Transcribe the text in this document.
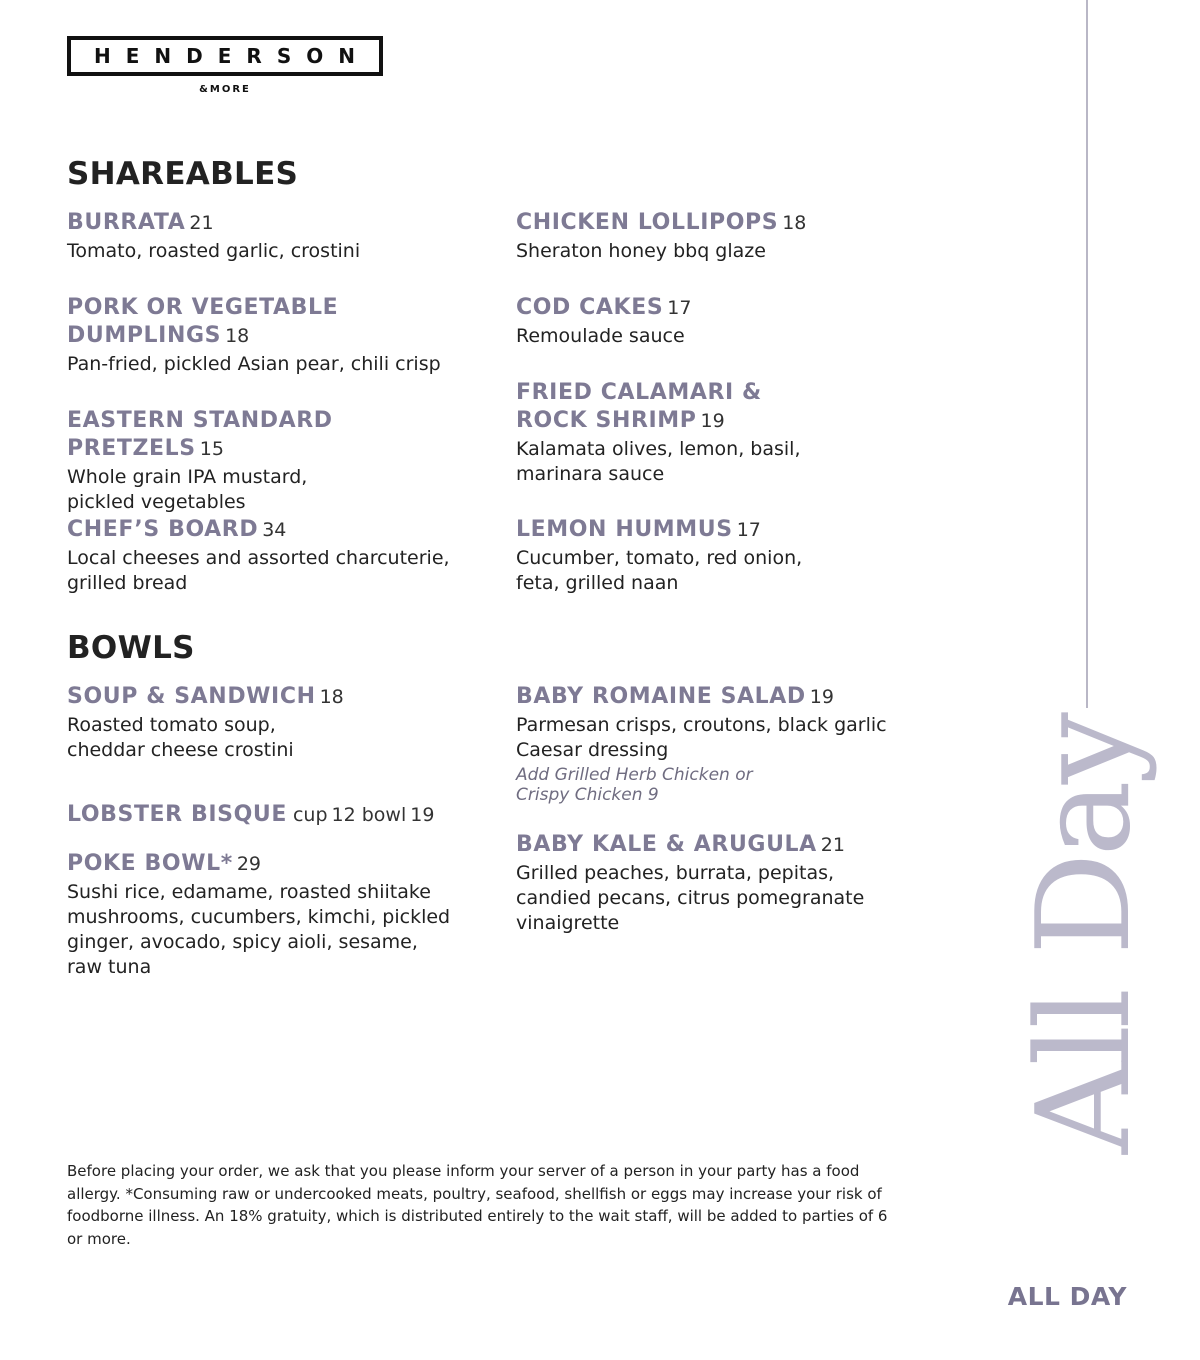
HENDERSON
&MORE
All Day
SHAREABLES
BURRATA 21
Tomato, roasted garlic, crostini
PORK OR VEGETABLE DUMPLINGS 18
Pan-fried, pickled Asian pear, chili crisp
EASTERN STANDARD PRETZELS 15
Whole grain IPA mustard, pickled vegetables
CHEF’S BOARD 34
Local cheeses and assorted charcuterie, grilled bread
CHICKEN LOLLIPOPS 18
Sheraton honey bbq glaze
COD CAKES 17
Remoulade sauce
FRIED CALAMARI & ROCK SHRIMP 19
Kalamata olives, lemon, basil, marinara sauce
LEMON HUMMUS 17
Cucumber, tomato, red onion, feta, grilled naan
BOWLS
SOUP & SANDWICH 18
Roasted tomato soup, cheddar cheese crostini
LOBSTER BISQUE cup 12 bowl 19
POKE BOWL* 29
Sushi rice, edamame, roasted shiitake mushrooms, cucumbers, kimchi, pickled ginger, avocado, spicy aioli, sesame, raw tuna
BABY ROMAINE SALAD 19
Parmesan crisps, croutons, black garlic Caesar dressing
Add Grilled Herb Chicken or Crispy Chicken 9
BABY KALE & ARUGULA 21
Grilled peaches, burrata, pepitas, candied pecans, citrus pomegranate vinaigrette
Before placing your order, we ask that you please inform your server of a person in your party has a food allergy. *Consuming raw or undercooked meats, poultry, seafood, shellfish or eggs may increase your risk of foodborne illness. An 18% gratuity, which is distributed entirely to the wait staff, will be added to parties of 6 or more.
ALL DAY
